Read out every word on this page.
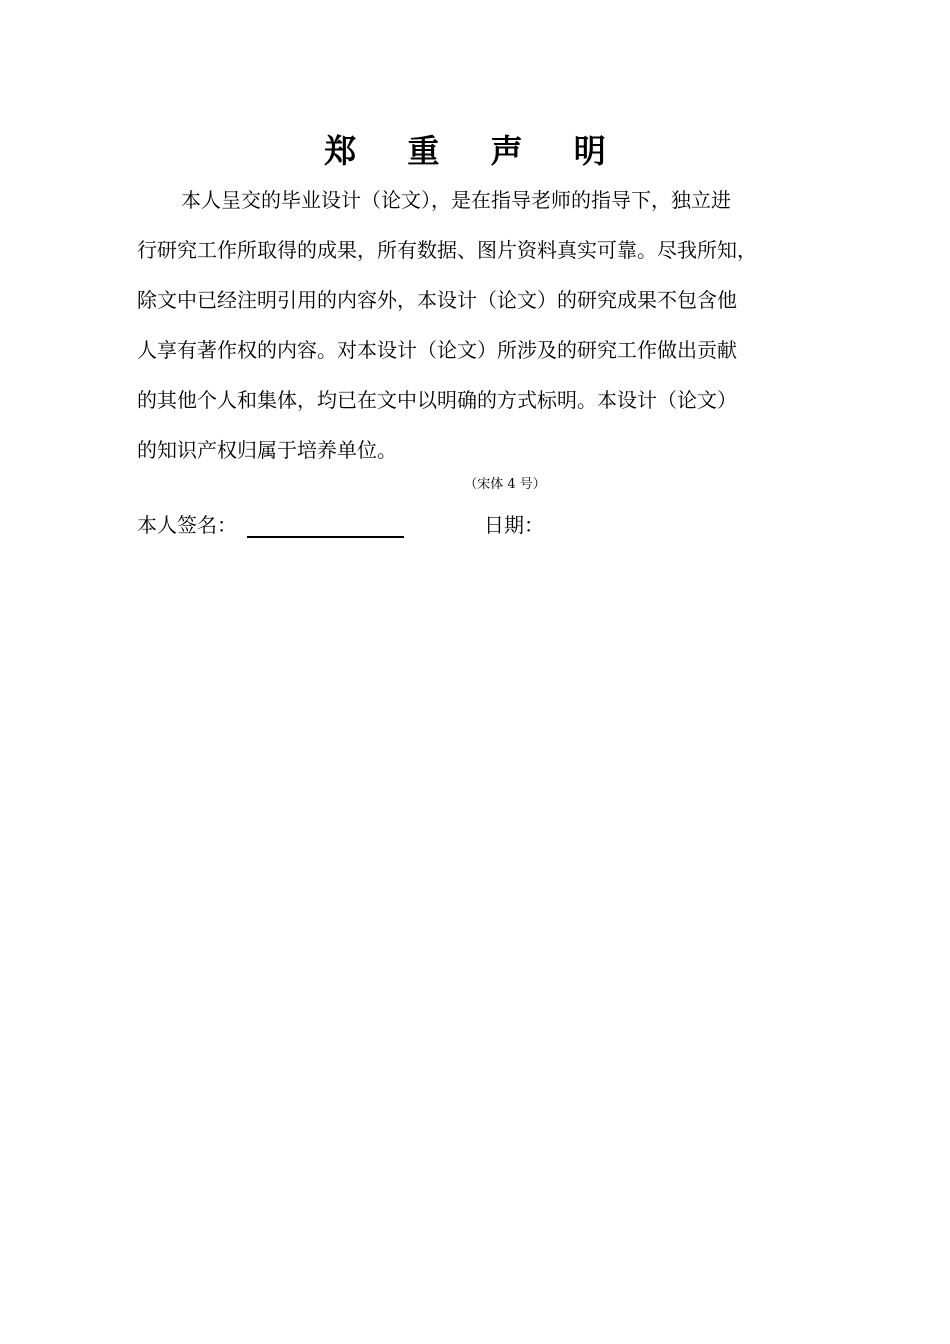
郑 重 声 明
本人呈交的毕业设计（论文），是在指导老师的指导下，独立进
行研究工作所取得的成果，所有数据、图片资料真实可靠。尽我所知，
除文中已经注明引用的内容外，本设计（论文）的研究成果不包含他
人享有著作权的内容。对本设计（论文）所涉及的研究工作做出贡献
的其他个人和集体，均已在文中以明确的方式标明。本设计（论文）
的知识产权归属于培养单位。
（宋体 4 号）
本人签名：	日期：
